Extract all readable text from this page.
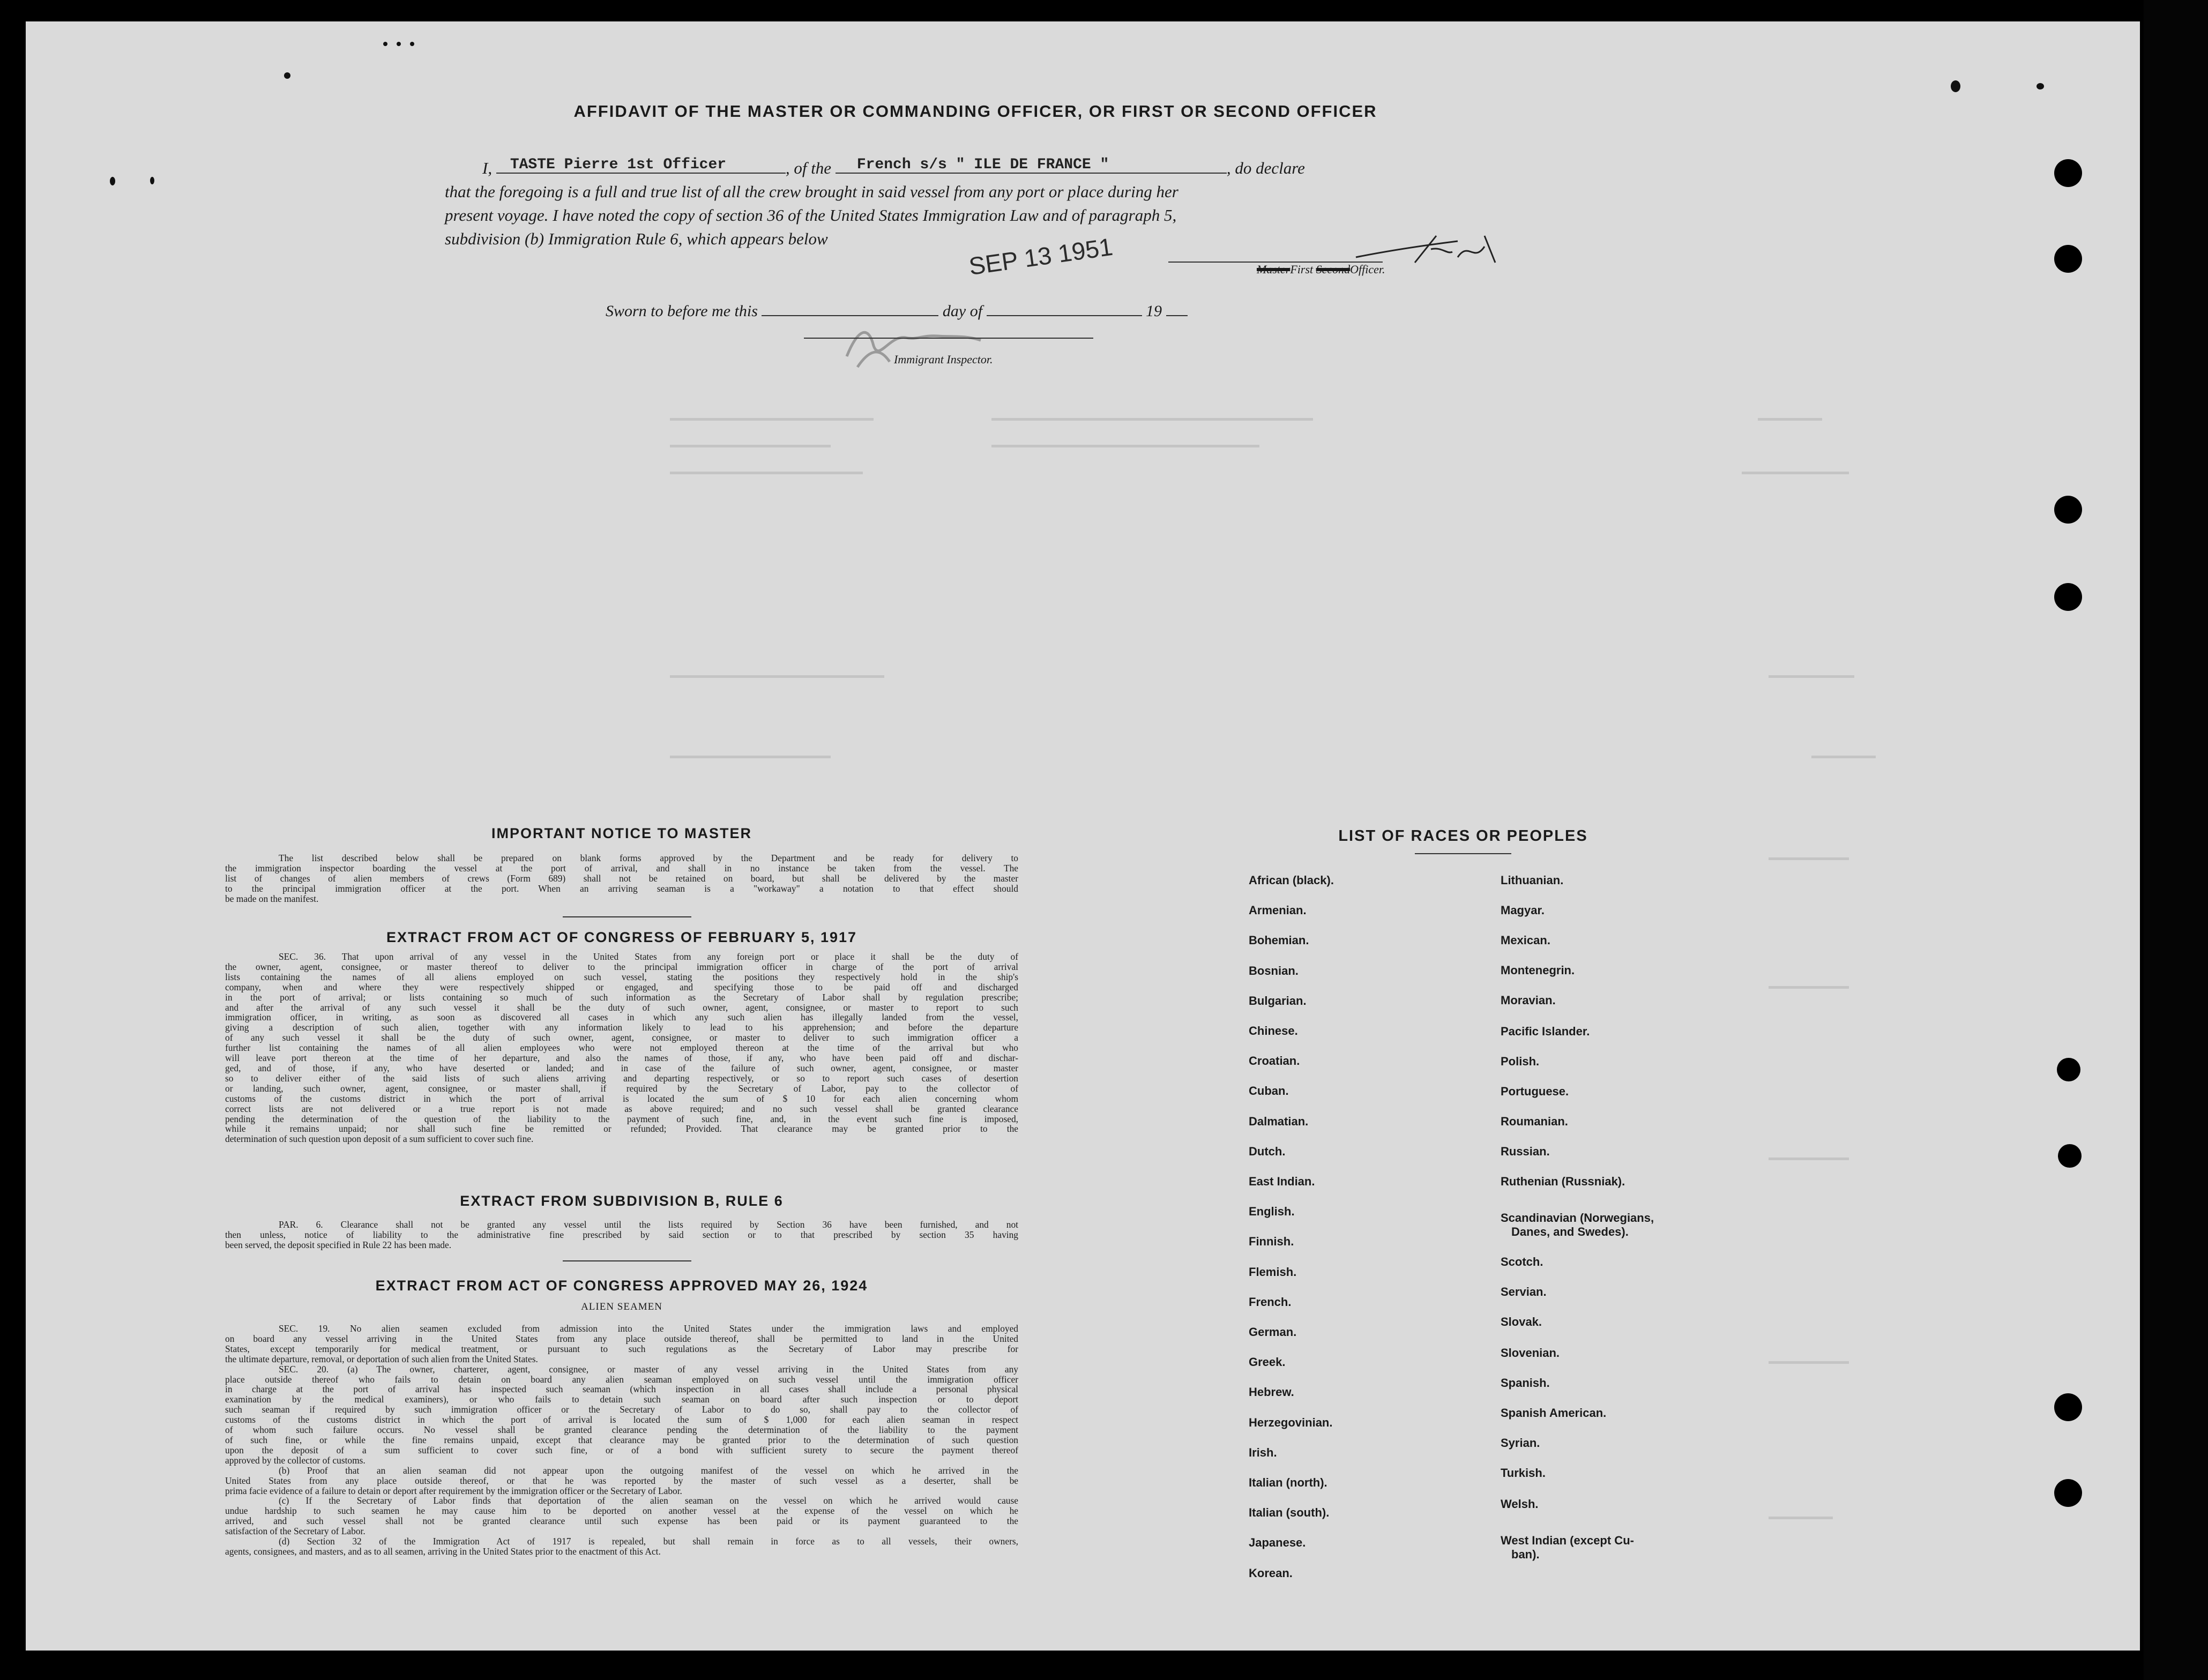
AFFIDAVIT OF THE MASTER OR COMMANDING OFFICER, OR FIRST OR SECOND OFFICER
I, TASTE Pierre 1st Officer	, of the French s/s " ILE DE FRANCE "	, do declare
that the foregoing is a full and true list of all the crew brought in said vessel from any port or place during her
present voyage. I have noted the copy of section 36 of the United States Immigration Law and of paragraph 5,
subdivision (b) Immigration Rule 6, which appears below	SEP 13 1951	MasterFirst SecondOfficer.
Sworn to before me this	day of	19
Immigrant Inspector.
IMPORTANT NOTICE TO MASTER
The list described below shall be prepared on blank forms approved by the Department and be ready for delivery to
the immigration inspector boarding the vessel at the port of arrival, and shall in no instance be taken from the vessel. The
list of changes of alien members of crews (Form 689) shall not be retained on board, but shall be delivered by the master
to the principal immigration officer at the port. When an arriving seaman is a "workaway" a notation to that effect should
be made on the manifest.
EXTRACT FROM ACT OF CONGRESS OF FEBRUARY 5, 1917
SEC. 36. That upon arrival of any vessel in the United States from any foreign port or place it shall be the duty of
the owner, agent, consignee, or master thereof to deliver to the principal immigration officer in charge of the port of arrival
lists containing the names of all aliens employed on such vessel, stating the positions they respectively hold in the ship's
company, when and where they were respectively shipped or engaged, and specifying those to be paid off and discharged
in the port of arrival; or lists containing so much of such information as the Secretary of Labor shall by regulation prescribe;
and after the arrival of any such vessel it shall be the duty of such owner, agent, consignee, or master to report to such
immigration officer, in writing, as soon as discovered all cases in which any such alien has illegally landed from the vessel,
giving a description of such alien, together with any information likely to lead to his apprehension; and before the departure
of any such vessel it shall be the duty of such owner, agent, consignee, or master to deliver to such immigration officer a
further list containing the names of all alien employees who were not employed thereon at the time of the arrival but who
will leave port thereon at the time of her departure, and also the names of those, if any, who have been paid off and dischar-
ged, and of those, if any, who have deserted or landed; and in case of the failure of such owner, agent, consignee, or master
so to deliver either of the said lists of such aliens arriving and departing respectively, or so to report such cases of desertion
or landing, such owner, agent, consignee, or master shall, if required by the Secretary of Labor, pay to the collector of
customs of the customs district in which the port of arrival is located the sum of $ 10 for each alien concerning whom
correct lists are not delivered or a true report is not made as above required; and no such vessel shall be granted clearance
pending the determination of the question of the liability to the payment of such fine, and, in the event such fine is imposed,
while it remains unpaid; nor shall such fine be remitted or refunded; Provided. That clearance may be granted prior to the
determination of such question upon deposit of a sum sufficient to cover such fine.
EXTRACT FROM SUBDIVISION B, RULE 6
PAR. 6. Clearance shall not be granted any vessel until the lists required by Section 36 have been furnished, and not
then unless, notice of liability to the administrative fine prescribed by said section or to that prescribed by section 35 having
been served, the deposit specified in Rule 22 has been made.
EXTRACT FROM ACT OF CONGRESS APPROVED MAY 26, 1924
ALIEN SEAMEN
SEC. 19. No alien seamen excluded from admission into the United States under the immigration laws and employed
on board any vessel arriving in the United States from any place outside thereof, shall be permitted to land in the United
States, except temporarily for medical treatment, or pursuant to such regulations as the Secretary of Labor may prescribe for
the ultimate departure, removal, or deportation of such alien from the United States.
SEC. 20. (a) The owner, charterer, agent, consignee, or master of any vessel arriving in the United States from any
place outside thereof who fails to detain on board any alien seaman employed on such vessel until the immigration officer
in charge at the port of arrival has inspected such seaman (which inspection in all cases shall include a personal physical
examination by the medical examiners), or who fails to detain such seaman on board after such inspection or to deport
such seaman if required by such immigration officer or the Secretary of Labor to do so, shall pay to the collector of
customs of the customs district in which the port of arrival is located the sum of $ 1,000 for each alien seaman in respect
of whom such failure occurs. No vessel shall be granted clearance pending the determination of the liability to the payment
of such fine, or while the fine remains unpaid, except that clearance may be granted prior to the determination of such question
upon the deposit of a sum sufficient to cover such fine, or of a bond with sufficient surety to secure the payment thereof
approved by the collector of customs.
(b) Proof that an alien seaman did not appear upon the outgoing manifest of the vessel on which he arrived in the
United States from any place outside thereof, or that he was reported by the master of such vessel as a deserter, shall be
prima facie evidence of a failure to detain or deport after requirement by the immigration officer or the Secretary of Labor.
(c) If the Secretary of Labor finds that deportation of the alien seaman on the vessel on which he arrived would cause
undue hardship to such seamen he may cause him to be deported on another vessel at the expense of the vessel on which he
arrived, and such vessel shall not be granted clearance until such expense has been paid or its payment guaranteed to the
satisfaction of the Secretary of Labor.
(d) Section 32 of the Immigration Act of 1917 is repealed, but shall remain in force as to all vessels, their owners,
agents, consignees, and masters, and as to all seamen, arriving in the United States prior to the enactment of this Act.
LIST OF RACES OR PEOPLES
African (black).
Armenian.
Bohemian.
Bosnian.
Bulgarian.
Chinese.
Croatian.
Cuban.
Dalmatian.
Dutch.
East Indian.
English.
Finnish.
Flemish.
French.
German.
Greek.
Hebrew.
Herzegovinian.
Irish.
Italian (north).
Italian (south).
Japanese.
Korean.
Lithuanian.
Magyar.
Mexican.
Montenegrin.
Moravian.
Pacific Islander.
Polish.
Portuguese.
Roumanian.
Russian.
Ruthenian (Russniak).
Scandinavian (Norwegians,
Danes, and Swedes).
Scotch.
Servian.
Slovak.
Slovenian.
Spanish.
Spanish American.
Syrian.
Turkish.
Welsh.
West Indian (except Cu-
ban).
